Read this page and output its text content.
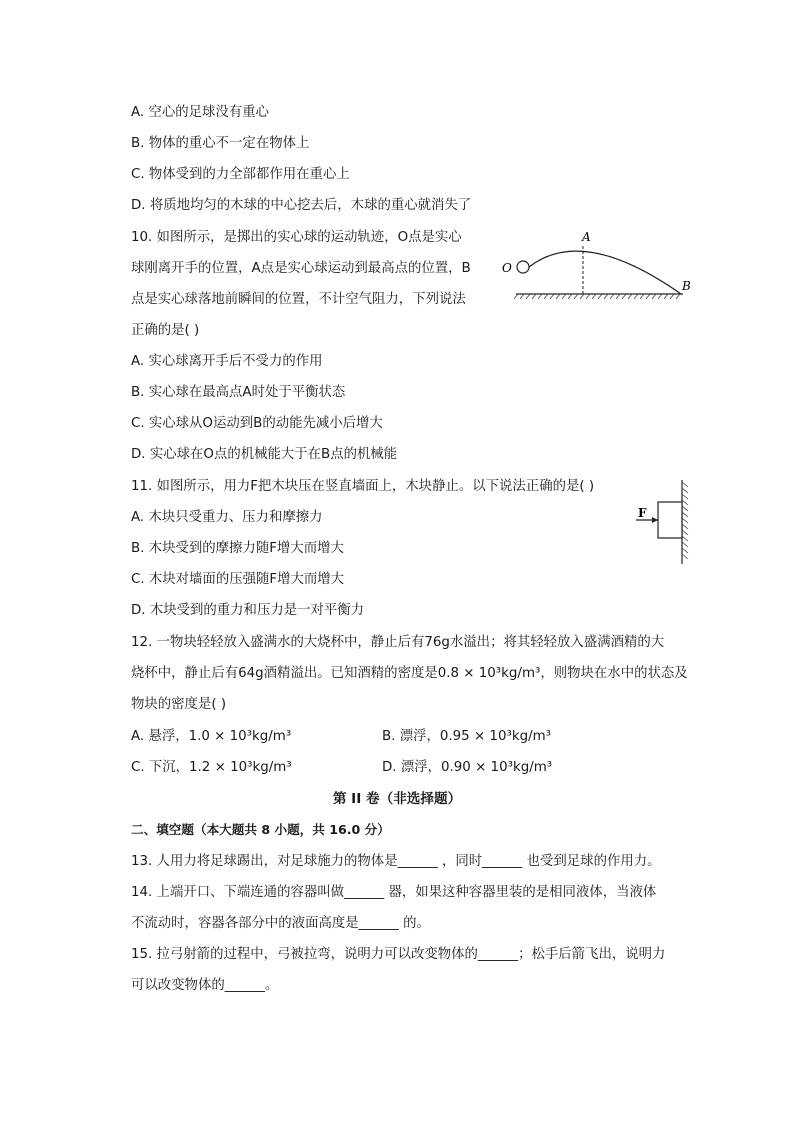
A. 空心的足球没有重心
B. 物体的重心不一定在物体上
C. 物体受到的力全部都作用在重心上
D. 将质地均匀的木球的中心挖去后，木球的重心就消失了
10. 如图所示，是掷出的实心球的运动轨迹，O点是实心
球刚离开手的位置，A点是实心球运动到最高点的位置，B
点是实心球落地前瞬间的位置，不计空气阻力，下列说法
正确的是( )
A
O
B
A. 实心球离开手后不受力的作用
B. 实心球在最高点A时处于平衡状态
C. 实心球从O运动到B的动能先减小后增大
D. 实心球在O点的机械能大于在B点的机械能
11. 如图所示，用力F把木块压在竖直墙面上，木块静止。以下说法正确的是( )
A. 木块只受重力、压力和摩擦力
B. 木块受到的摩擦力随F增大而增大
C. 木块对墙面的压强随F增大而增大
D. 木块受到的重力和压力是一对平衡力
F
12. 一物块轻轻放入盛满水的大烧杯中，静止后有76g水溢出；将其轻轻放入盛满酒精的大
烧杯中，静止后有64g酒精溢出。已知酒精的密度是0.8 × 10³kg/m³，则物块在水中的状态及
物块的密度是( )
A. 悬浮，1.0 × 10³kg/m³	B. 漂浮，0.95 × 10³kg/m³
C. 下沉，1.2 × 10³kg/m³	D. 漂浮，0.90 × 10³kg/m³
第 II 卷（非选择题）
二、填空题（本大题共 8 小题，共 16.0 分）
13. 人用力将足球踢出，对足球施力的物体是______ ，同时______ 也受到足球的作用力。
14. 上端开口、下端连通的容器叫做______ 器，如果这种容器里装的是相同液体，当液体
不流动时，容器各部分中的液面高度是______ 的。
15. 拉弓射箭的过程中，弓被拉弯，说明力可以改变物体的______；松手后箭飞出，说明力
可以改变物体的______。
